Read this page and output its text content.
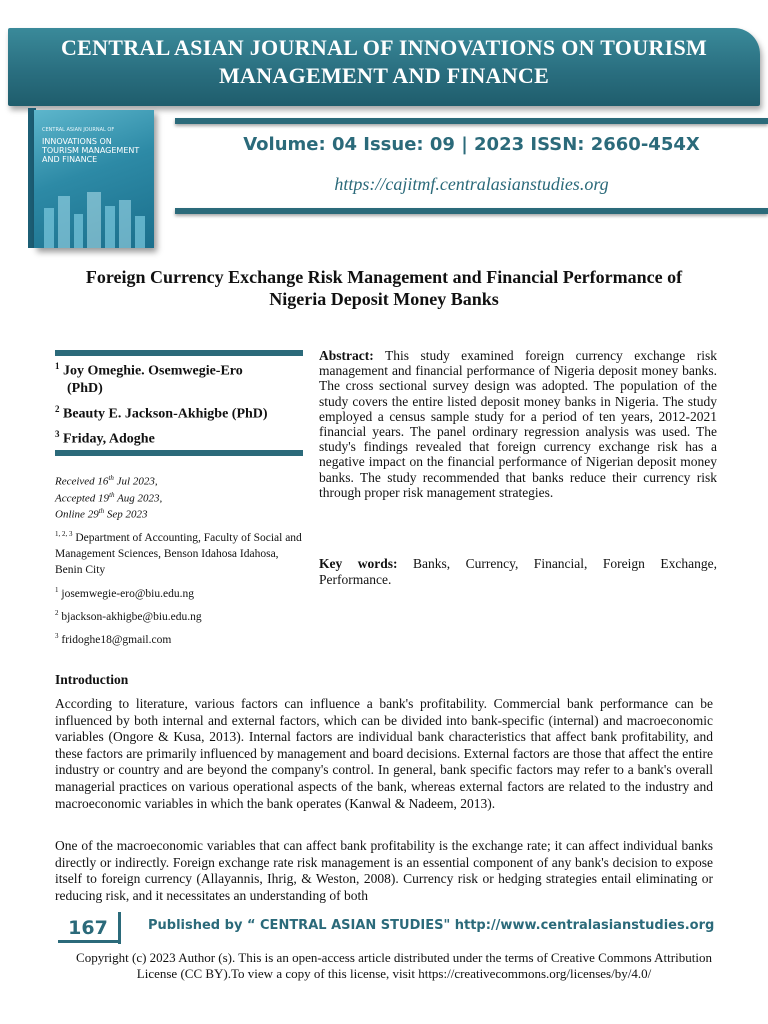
CENTRAL ASIAN JOURNAL OF INNOVATIONS ON TOURISM MANAGEMENT AND FINANCE
CENTRAL ASIAN JOURNAL OF
INNOVATIONS ON TOURISM MANAGEMENT AND FINANCE
Volume: 04 Issue: 09 | 2023 ISSN: 2660-454X
https://cajitmf.centralasianstudies.org
Foreign Currency Exchange Risk Management and Financial Performance of Nigeria Deposit Money Banks
$^1$ Joy Omeghie. Osemwegie-Ero
(PhD)
$^2$ Beauty E. Jackson-Akhigbe (PhD)
$^3$ Friday, Adoghe
Received 16th Jul 2023,
Accepted 19th Aug 2023,
Online 29th Sep 2023
$^{1, 2, 3}$ Department of Accounting, Faculty of Social and Management Sciences, Benson Idahosa Idahosa, Benin City
$^1$ josemwegie-ero@biu.edu.ng
$^2$ bjackson-akhigbe@biu.edu.ng
$^3$ fridoghe18@gmail.com
Abstract: This study examined foreign currency exchange risk management and financial performance of Nigeria deposit money banks. The cross sectional survey design was adopted. The population of the study covers the entire listed deposit money banks in Nigeria. The study employed a census sample study for a period of ten years, 2012-2021 financial years. The panel ordinary regression analysis was used. The study's findings revealed that foreign currency exchange risk has a negative impact on the financial performance of Nigerian deposit money banks. The study recommended that banks reduce their currency risk through proper risk management strategies.
Key words: Banks, Currency, Financial, Foreign Exchange, Performance.
Introduction
According to literature, various factors can influence a bank's profitability. Commercial bank performance can be influenced by both internal and external factors, which can be divided into bank-specific (internal) and macroeconomic variables (Ongore & Kusa, 2013). Internal factors are individual bank characteristics that affect bank profitability, and these factors are primarily influenced by management and board decisions. External factors are those that affect the entire industry or country and are beyond the company's control. In general, bank specific factors may refer to a bank's overall managerial practices on various operational aspects of the bank, whereas external factors are related to the industry and macroeconomic variables in which the bank operates (Kanwal & Nadeem, 2013).
One of the macroeconomic variables that can affect bank profitability is the exchange rate; it can affect individual banks directly or indirectly. Foreign exchange rate risk management is an essential component of any bank's decision to expose itself to foreign currency (Allayannis, Ihrig, & Weston, 2008). Currency risk or hedging strategies entail eliminating or reducing risk, and it necessitates an understanding of both
167	Published by “ CENTRAL ASIAN STUDIES" http://www.centralasianstudies.org
Copyright (c) 2023 Author (s). This is an open-access article distributed under the terms of Creative Commons Attribution License (CC BY).To view a copy of this license, visit https://creativecommons.org/licenses/by/4.0/
